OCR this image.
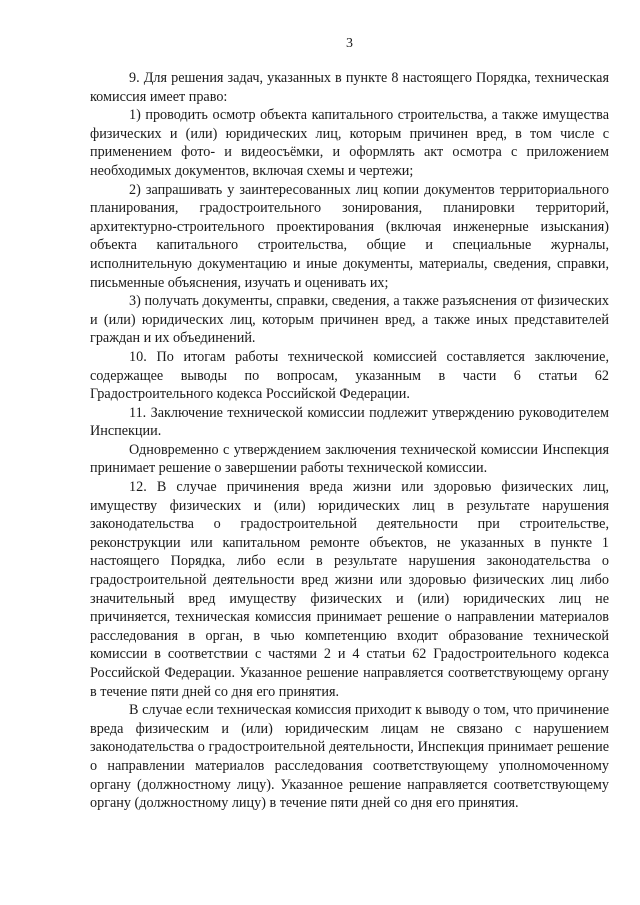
3

9. Для решения задач, указанных в пункте 8 настоящего Порядка, техническая комиссия имеет право:

1) проводить осмотр объекта капитального строительства, а также имущества физических и (или) юридических лиц, которым причинен вред, в том числе с применением фото- и видеосъёмки, и оформлять акт осмотра с приложением необходимых документов, включая схемы и чертежи;

2) запрашивать у заинтересованных лиц копии документов территориального планирования, градостроительного зонирования, планировки территорий, архитектурно-строительного проектирования (включая инженерные изыскания) объекта капитального строительства, общие и специальные журналы, исполнительную документацию и иные документы, материалы, сведения, справки, письменные объяснения, изучать и оценивать их;

3) получать документы, справки, сведения, а также разъяснения от физических и (или) юридических лиц, которым причинен вред, а также иных представителей граждан и их объединений.

10. По итогам работы технической комиссией составляется заключение, содержащее выводы по вопросам, указанным в части 6 статьи 62 Градостроительного кодекса Российской Федерации.

11. Заключение технической комиссии подлежит утверждению руководителем Инспекции.

Одновременно с утверждением заключения технической комиссии Инспекция принимает решение о завершении работы технической комиссии.

12. В случае причинения вреда жизни или здоровью физических лиц, имуществу физических и (или) юридических лиц в результате нарушения законодательства о градостроительной деятельности при строительстве, реконструкции или капитальном ремонте объектов, не указанных в пункте 1 настоящего Порядка, либо если в результате нарушения законодательства о градостроительной деятельности вред жизни или здоровью физических лиц либо значительный вред имуществу физических и (или) юридических лиц не причиняется, техническая комиссия принимает решение о направлении материалов расследования в орган, в чью компетенцию входит образование технической комиссии в соответствии с частями 2 и 4 статьи 62 Градостроительного кодекса Российской Федерации. Указанное решение направляется соответствующему органу в течение пяти дней со дня его принятия.

В случае если техническая комиссия приходит к выводу о том, что причинение вреда физическим и (или) юридическим лицам не связано с нарушением законодательства о градостроительной деятельности, Инспекция принимает решение о направлении материалов расследования соответствующему уполномоченному органу (должностному лицу). Указанное решение направляется соответствующему органу (должностному лицу) в течение пяти дней со дня его принятия.
